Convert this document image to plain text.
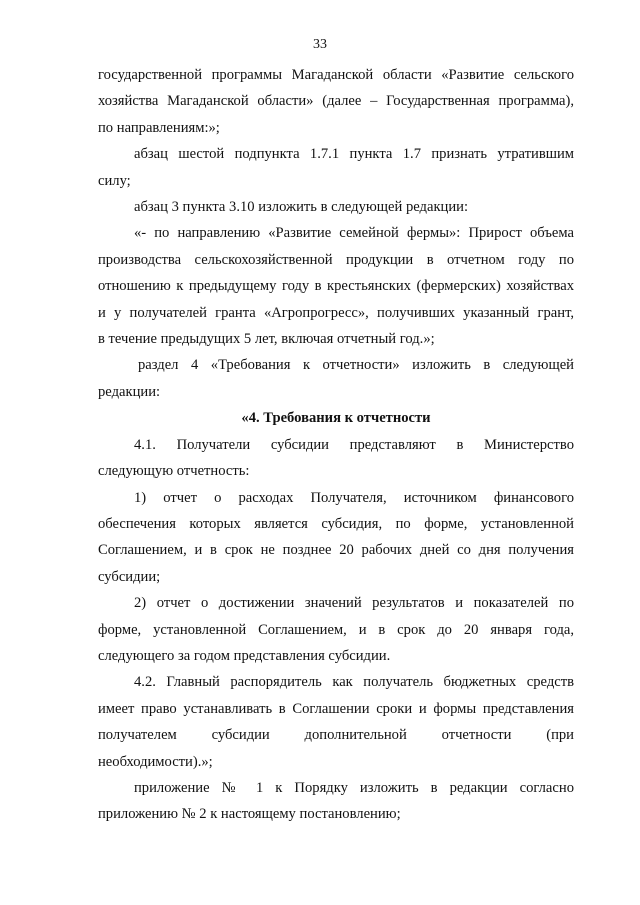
33

государственной программы Магаданской области «Развитие сельского
хозяйства Магаданской области» (далее – Государственная программа),
по направлениям:»;

абзац шестой подпункта 1.7.1 пункта 1.7 признать утратившим
силу;

абзац 3 пункта 3.10 изложить в следующей редакции:

«- по направлению «Развитие семейной фермы»: Прирост объема
производства сельскохозяйственной продукции в отчетном году по
отношению к предыдущему году в крестьянских (фермерских) хозяйствах
и у получателей гранта «Агропрогресс», получивших указанный грант,
в течение предыдущих 5 лет, включая отчетный год.»;

раздел 4 «Требования к отчетности» изложить в следующей
редакции:

«4. Требования к отчетности

4.1. Получатели субсидии представляют в Министерство
следующую отчетность:

1) отчет о расходах Получателя, источником финансового
обеспечения которых является субсидия, по форме, установленной
Соглашением, и в срок не позднее 20 рабочих дней со дня получения
субсидии;

2) отчет о достижении значений результатов и показателей по
форме, установленной Соглашением, и в срок до 20 января года,
следующего за годом представления субсидии.

4.2. Главный распорядитель как получатель бюджетных средств
имеет право устанавливать в Соглашении сроки и формы представления
получателем субсидии дополнительной отчетности (при
необходимости).»;

приложение № 1 к Порядку изложить в редакции согласно
приложению № 2 к настоящему постановлению;
